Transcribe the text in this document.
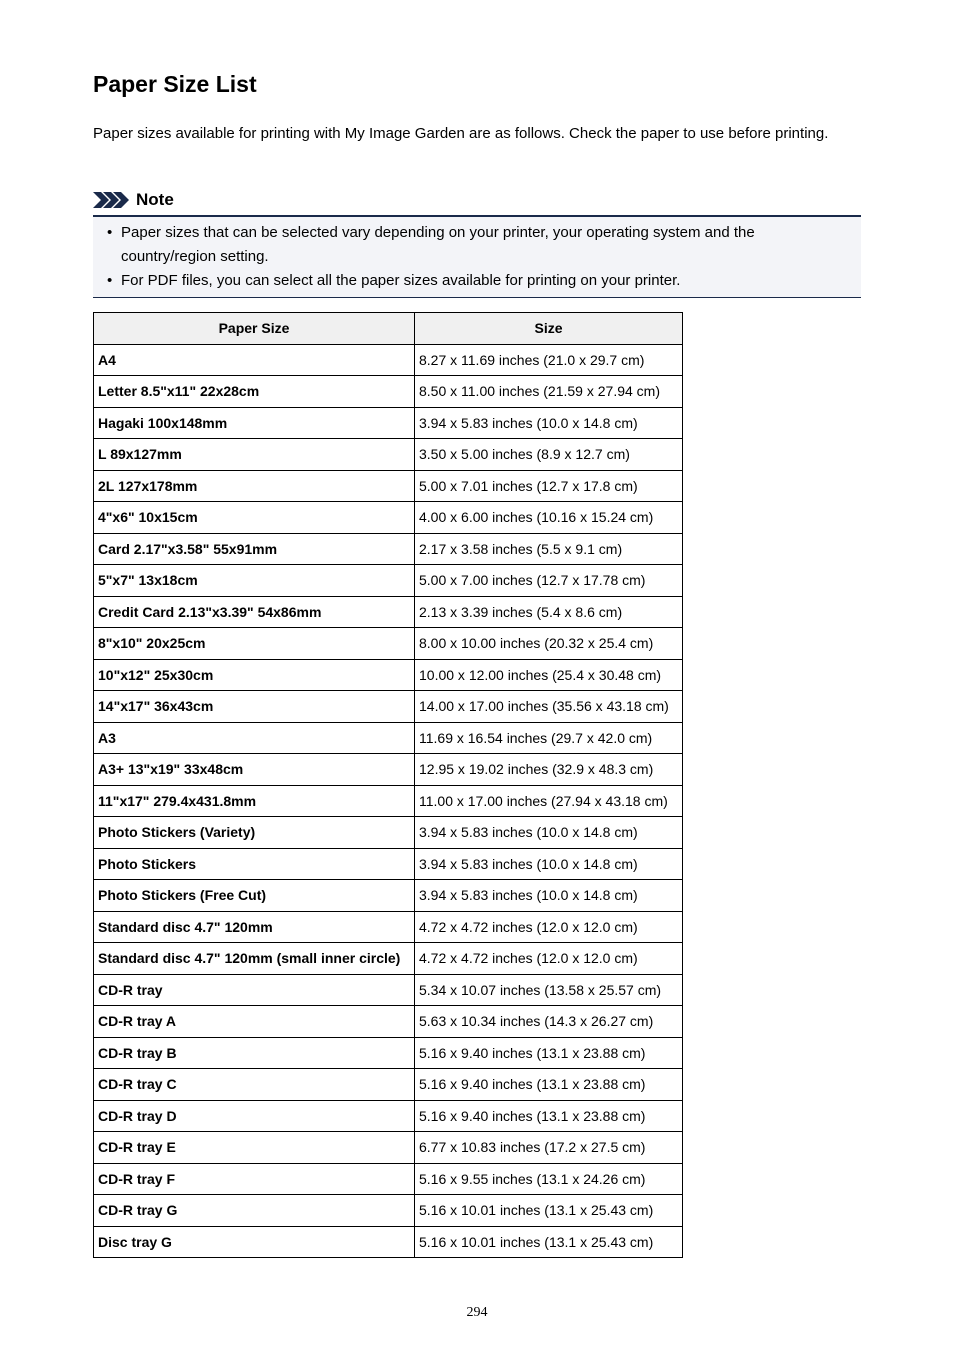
Paper Size List

Paper sizes available for printing with My Image Garden are as follows. Check the paper to use before printing.

Note
• Paper sizes that can be selected vary depending on your printer, your operating system and the country/region setting.
• For PDF files, you can select all the paper sizes available for printing on your printer.
Paper Size	Size
A4	8.27 x 11.69 inches (21.0 x 29.7 cm)
Letter 8.5"x11" 22x28cm	8.50 x 11.00 inches (21.59 x 27.94 cm)
Hagaki 100x148mm	3.94 x 5.83 inches (10.0 x 14.8 cm)
L 89x127mm	3.50 x 5.00 inches (8.9 x 12.7 cm)
2L 127x178mm	5.00 x 7.01 inches (12.7 x 17.8 cm)
4"x6" 10x15cm	4.00 x 6.00 inches (10.16 x 15.24 cm)
Card 2.17"x3.58" 55x91mm	2.17 x 3.58 inches (5.5 x 9.1 cm)
5"x7" 13x18cm	5.00 x 7.00 inches (12.7 x 17.78 cm)
Credit Card 2.13"x3.39" 54x86mm	2.13 x 3.39 inches (5.4 x 8.6 cm)
8"x10" 20x25cm	8.00 x 10.00 inches (20.32 x 25.4 cm)
10"x12" 25x30cm	10.00 x 12.00 inches (25.4 x 30.48 cm)
14"x17" 36x43cm	14.00 x 17.00 inches (35.56 x 43.18 cm)
A3	11.69 x 16.54 inches (29.7 x 42.0 cm)
A3+ 13"x19" 33x48cm	12.95 x 19.02 inches (32.9 x 48.3 cm)
11"x17" 279.4x431.8mm	11.00 x 17.00 inches (27.94 x 43.18 cm)
Photo Stickers (Variety)	3.94 x 5.83 inches (10.0 x 14.8 cm)
Photo Stickers	3.94 x 5.83 inches (10.0 x 14.8 cm)
Photo Stickers (Free Cut)	3.94 x 5.83 inches (10.0 x 14.8 cm)
Standard disc 4.7" 120mm	4.72 x 4.72 inches (12.0 x 12.0 cm)
Standard disc 4.7" 120mm (small inner circle)	4.72 x 4.72 inches (12.0 x 12.0 cm)
CD-R tray	5.34 x 10.07 inches (13.58 x 25.57 cm)
CD-R tray A	5.63 x 10.34 inches (14.3 x 26.27 cm)
CD-R tray B	5.16 x 9.40 inches (13.1 x 23.88 cm)
CD-R tray C	5.16 x 9.40 inches (13.1 x 23.88 cm)
CD-R tray D	5.16 x 9.40 inches (13.1 x 23.88 cm)
CD-R tray E	6.77 x 10.83 inches (17.2 x 27.5 cm)
CD-R tray F	5.16 x 9.55 inches (13.1 x 24.26 cm)
CD-R tray G	5.16 x 10.01 inches (13.1 x 25.43 cm)
Disc tray G	5.16 x 10.01 inches (13.1 x 25.43 cm)
294
